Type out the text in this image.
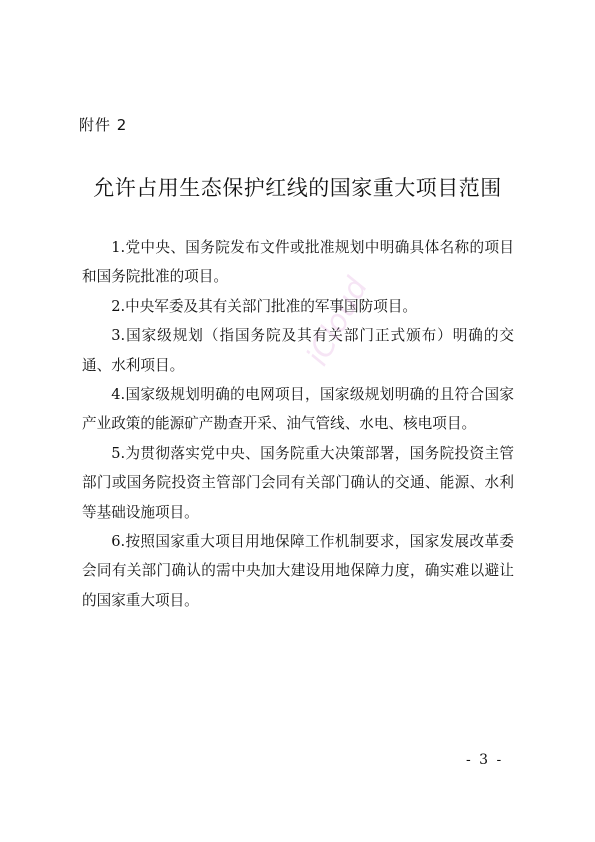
附件 2
允许占用生态保护红线的国家重大项目范围

1.党中央、国务院发布文件或批准规划中明确具体名称的项目和国务院批准的项目。

2.中央军委及其有关部门批准的军事国防项目。

3.国家级规划（指国务院及其有关部门正式颁布）明确的交通、水利项目。

4.国家级规划明确的电网项目，国家级规划明确的且符合国家产业政策的能源矿产勘查开采、油气管线、水电、核电项目。

5.为贯彻落实党中央、国务院重大决策部署，国务院投资主管部门或国务院投资主管部门会同有关部门确认的交通、能源、水利等基础设施项目。

6.按照国家重大项目用地保障工作机制要求，国家发展改革委会同有关部门确认的需中央加大建设用地保障力度，确实难以避让的国家重大项目。

iCloud
- 3 -
